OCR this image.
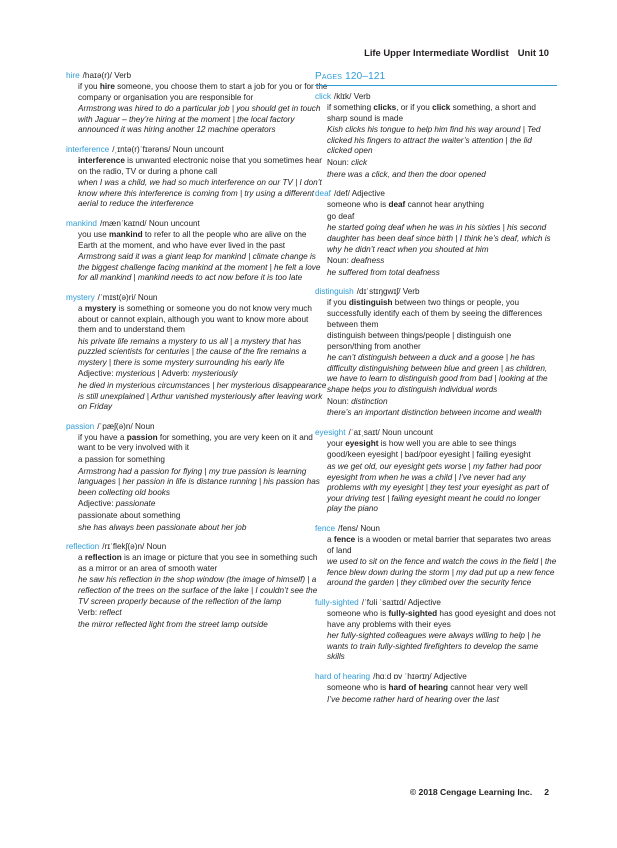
Life Upper Intermediate Wordlist Unit 10
hire /haɪə(r)/ Verb
if you hire someone, you choose them to start a job for you or for the company or organisation you are responsible for
Armstrong was hired to do a particular job | you should get in touch with Jaguar – they’re hiring at the moment | the local factory announced it was hiring another 12 machine operators
interference /ˌɪntə(r)ˈfɪərəns/ Noun uncount
interference is unwanted electronic noise that you sometimes hear on the radio, TV or during a phone call
when I was a child, we had so much interference on our TV | I don’t know where this interference is coming from | try using a different aerial to reduce the interference
mankind /mænˈkaɪnd/ Noun uncount
you use mankind to refer to all the people who are alive on the Earth at the moment, and who have ever lived in the past
Armstrong said it was a giant leap for mankind | climate change is the biggest challenge facing mankind at the moment | he felt a love for all mankind | mankind needs to act now before it is too late
mystery /ˈmɪst(ə)ri/ Noun
a mystery is something or someone you do not know very much about or cannot explain, although you want to know more about them and to understand them
his private life remains a mystery to us all | a mystery that has puzzled scientists for centuries | the cause of the fire remains a mystery | there is some mystery surrounding his early life
Adjective: mysterious | Adverb: mysteriously
he died in mysterious circumstances | her mysterious disappearance is still unexplained | Arthur vanished mysteriously after leaving work on Friday
passion /ˈpæʃ(ə)n/ Noun
if you have a passion for something, you are very keen on it and want to be very involved with it
a passion for something
Armstrong had a passion for flying | my true passion is learning languages | her passion in life is distance running | his passion has been collecting old books
Adjective: passionate
passionate about something
she has always been passionate about her job
reflection /rɪˈflekʃ(ə)n/ Noun
a reflection is an image or picture that you see in something such as a mirror or an area of smooth water
he saw his reflection in the shop window (the image of himself) | a reflection of the trees on the surface of the lake | I couldn’t see the TV screen properly because of the reflection of the lamp
Verb: reflect
the mirror reflected light from the street lamp outside
Pages 120–121
click /klɪk/ Verb
if something clicks, or if you click something, a short and sharp sound is made
Kish clicks his tongue to help him find his way around | Ted clicked his fingers to attract the waiter’s attention | the lid clicked open
Noun: click
there was a click, and then the door opened
deaf /def/ Adjective
someone who is deaf cannot hear anything
go deaf
he started going deaf when he was in his sixties | his second daughter has been deaf since birth | I think he’s deaf, which is why he didn’t react when you shouted at him
Noun: deafness
he suffered from total deafness
distinguish /dɪˈstɪŋɡwɪʃ/ Verb
if you distinguish between two things or people, you successfully identify each of them by seeing the differences between them
distinguish between things/people | distinguish one person/thing from another
he can’t distinguish between a duck and a goose | he has difficulty distinguishing between blue and green | as children, we have to learn to distinguish good from bad | looking at the shape helps you to distinguish individual words
Noun: distinction
there’s an important distinction between income and wealth
eyesight /ˈaɪˌsaɪt/ Noun uncount
your eyesight is how well you are able to see things
good/keen eyesight | bad/poor eyesight | failing eyesight
as we get old, our eyesight gets worse | my father had poor eyesight from when he was a child | I’ve never had any problems with my eyesight | they test your eyesight as part of your driving test | failing eyesight meant he could no longer play the piano
fence /fens/ Noun
a fence is a wooden or metal barrier that separates two areas of land
we used to sit on the fence and watch the cows in the field | the fence blew down during the storm | my dad put up a new fence around the garden | they climbed over the security fence
fully-sighted /ˈfʊli ˈsaɪtɪd/ Adjective
someone who is fully-sighted has good eyesight and does not have any problems with their eyes
her fully-sighted colleagues were always willing to help | he wants to train fully-sighted firefighters to develop the same skills
hard of hearing /hɑːd ɒv ˈhɪərɪŋ/ Adjective
someone who is hard of hearing cannot hear very well
I’ve become rather hard of hearing over the last
© 2018 Cengage Learning Inc. 2
